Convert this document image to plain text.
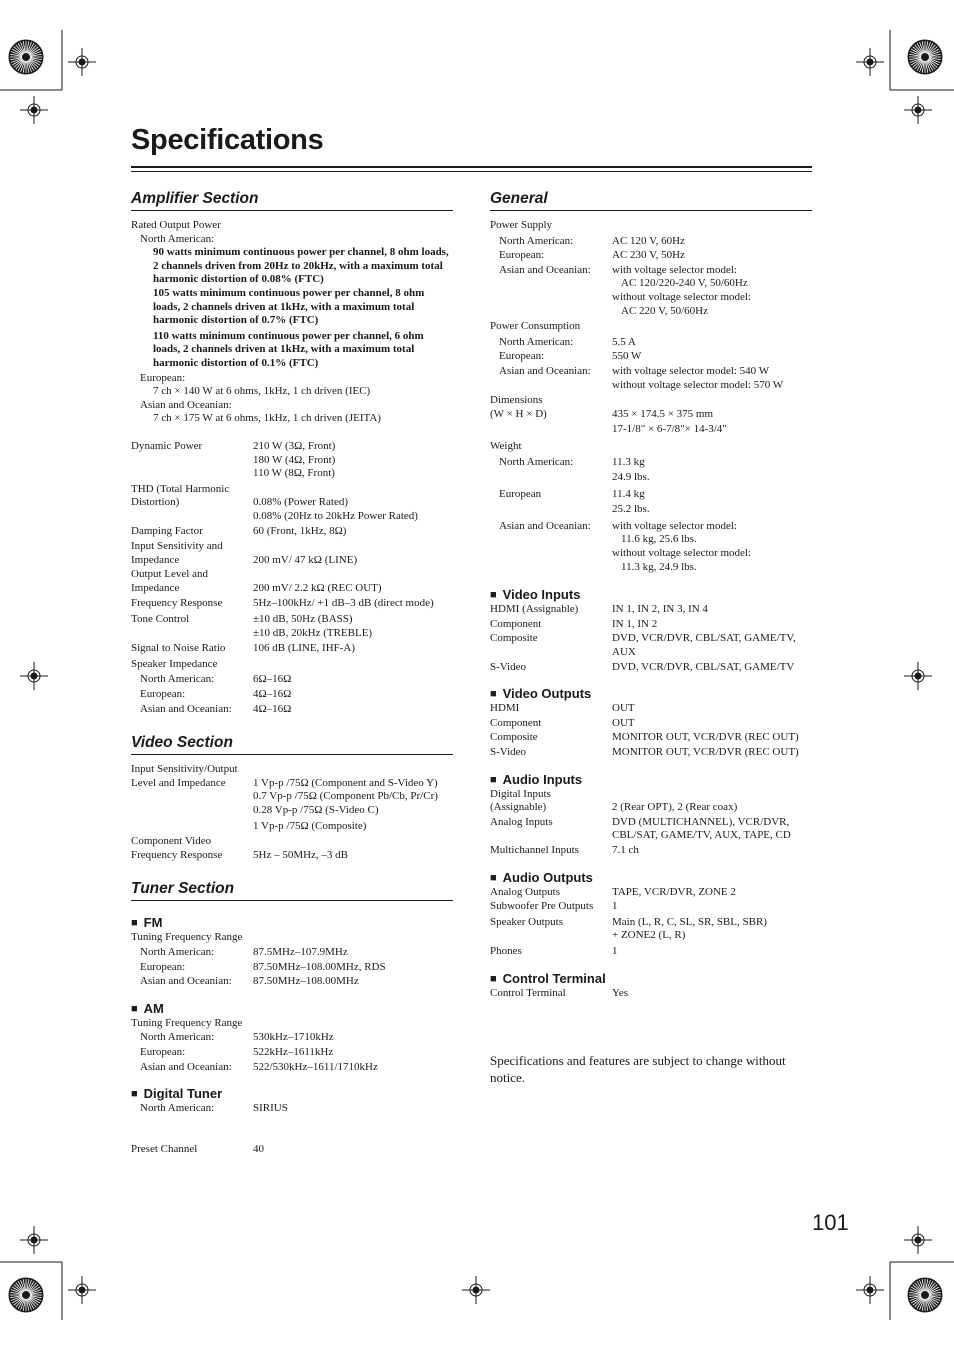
Specifications
Amplifier Section
Rated Output Power
North American:
90 watts minimum continuous power per channel, 8 ohm loads, 2 channels driven from 20Hz to 20kHz, with a maximum total harmonic distortion of 0.08% (FTC)
105 watts minimum continuous power per channel, 8 ohm loads, 2 channels driven at 1kHz, with a maximum total harmonic distortion of 0.7% (FTC)
110 watts minimum continuous power per channel, 6 ohm loads, 2 channels driven at 1kHz, with a maximum total harmonic distortion of 0.1% (FTC)
European:
7 ch × 140 W at 6 ohms, 1kHz, 1 ch driven (IEC)
Asian and Oceanian:
7 ch × 175 W at 6 ohms, 1kHz, 1 ch driven (JEITA)
Dynamic Power	210 W (3Ω, Front)
180 W (4Ω, Front)
110 W (8Ω, Front)
THD (Total Harmonic
Distortion)	0.08% (Power Rated)
0.08% (20Hz to 20kHz Power Rated)
Damping Factor	60 (Front, 1kHz, 8Ω)
Input Sensitivity and
Impedance	200 mV/ 47 kΩ (LINE)
Output Level and
Impedance	200 mV/ 2.2 kΩ (REC OUT)
Frequency Response	5Hz–100kHz/ +1 dB–3 dB (direct mode)
Tone Control	±10 dB, 50Hz (BASS)
±10 dB, 20kHz (TREBLE)
Signal to Noise Ratio	106 dB (LINE, IHF-A)
Speaker Impedance
North American:	6Ω–16Ω
European:	4Ω–16Ω
Asian and Oceanian:	4Ω–16Ω
Video Section
Input Sensitivity/Output
Level and Impedance	1 Vp-p /75Ω (Component and S-Video Y)
0.7 Vp-p /75Ω (Component Pb/Cb, Pr/Cr)
0.28 Vp-p /75Ω (S-Video C)
1 Vp-p /75Ω (Composite)
Component Video
Frequency Response	5Hz – 50MHz, –3 dB
Tuner Section
■ FM
Tuning Frequency Range
North American:	87.5MHz–107.9MHz
European:	87.50MHz–108.00MHz, RDS
Asian and Oceanian:	87.50MHz–108.00MHz
■ AM
Tuning Frequency Range
North American:	530kHz–1710kHz
European:	522kHz–1611kHz
Asian and Oceanian:	522/530kHz–1611/1710kHz
■ Digital Tuner
North American:	SIRIUS
Preset Channel	40
General
Power Supply
North American:	AC 120 V, 60Hz
European:	AC 230 V, 50Hz
Asian and Oceanian:	with voltage selector model:
AC 120/220-240 V, 50/60Hz
without voltage selector model:
AC 220 V, 50/60Hz
Power Consumption
North American:	5.5 A
European:	550 W
Asian and Oceanian:	with voltage selector model: 540 W
without voltage selector model: 570 W
Dimensions
(W × H × D)	435 × 174.5 × 375 mm
17-1/8" × 6-7/8"× 14-3/4"
Weight
North American:	11.3 kg
24.9 lbs.
European	11.4 kg
25.2 lbs.
Asian and Oceanian:	with voltage selector model:
11.6 kg, 25.6 lbs.
without voltage selector model:
11.3 kg, 24.9 lbs.
■ Video Inputs
HDMI (Assignable)	IN 1, IN 2, IN 3, IN 4
Component	IN 1, IN 2
Composite	DVD, VCR/DVR, CBL/SAT, GAME/TV,
AUX
S-Video	DVD, VCR/DVR, CBL/SAT, GAME/TV
■ Video Outputs
HDMI	OUT
Component	OUT
Composite	MONITOR OUT, VCR/DVR (REC OUT)
S-Video	MONITOR OUT, VCR/DVR (REC OUT)
■ Audio Inputs
Digital Inputs
(Assignable)	2 (Rear OPT), 2 (Rear coax)
Analog Inputs	DVD (MULTICHANNEL), VCR/DVR,
CBL/SAT, GAME/TV, AUX, TAPE, CD
Multichannel Inputs	7.1 ch
■ Audio Outputs
Analog Outputs	TAPE, VCR/DVR, ZONE 2
Subwoofer Pre Outputs	1
Speaker Outputs	Main (L, R, C, SL, SR, SBL, SBR)
+ ZONE2 (L, R)
Phones	1
■ Control Terminal
Control Terminal	Yes
Specifications and features are subject to change without notice.
101
